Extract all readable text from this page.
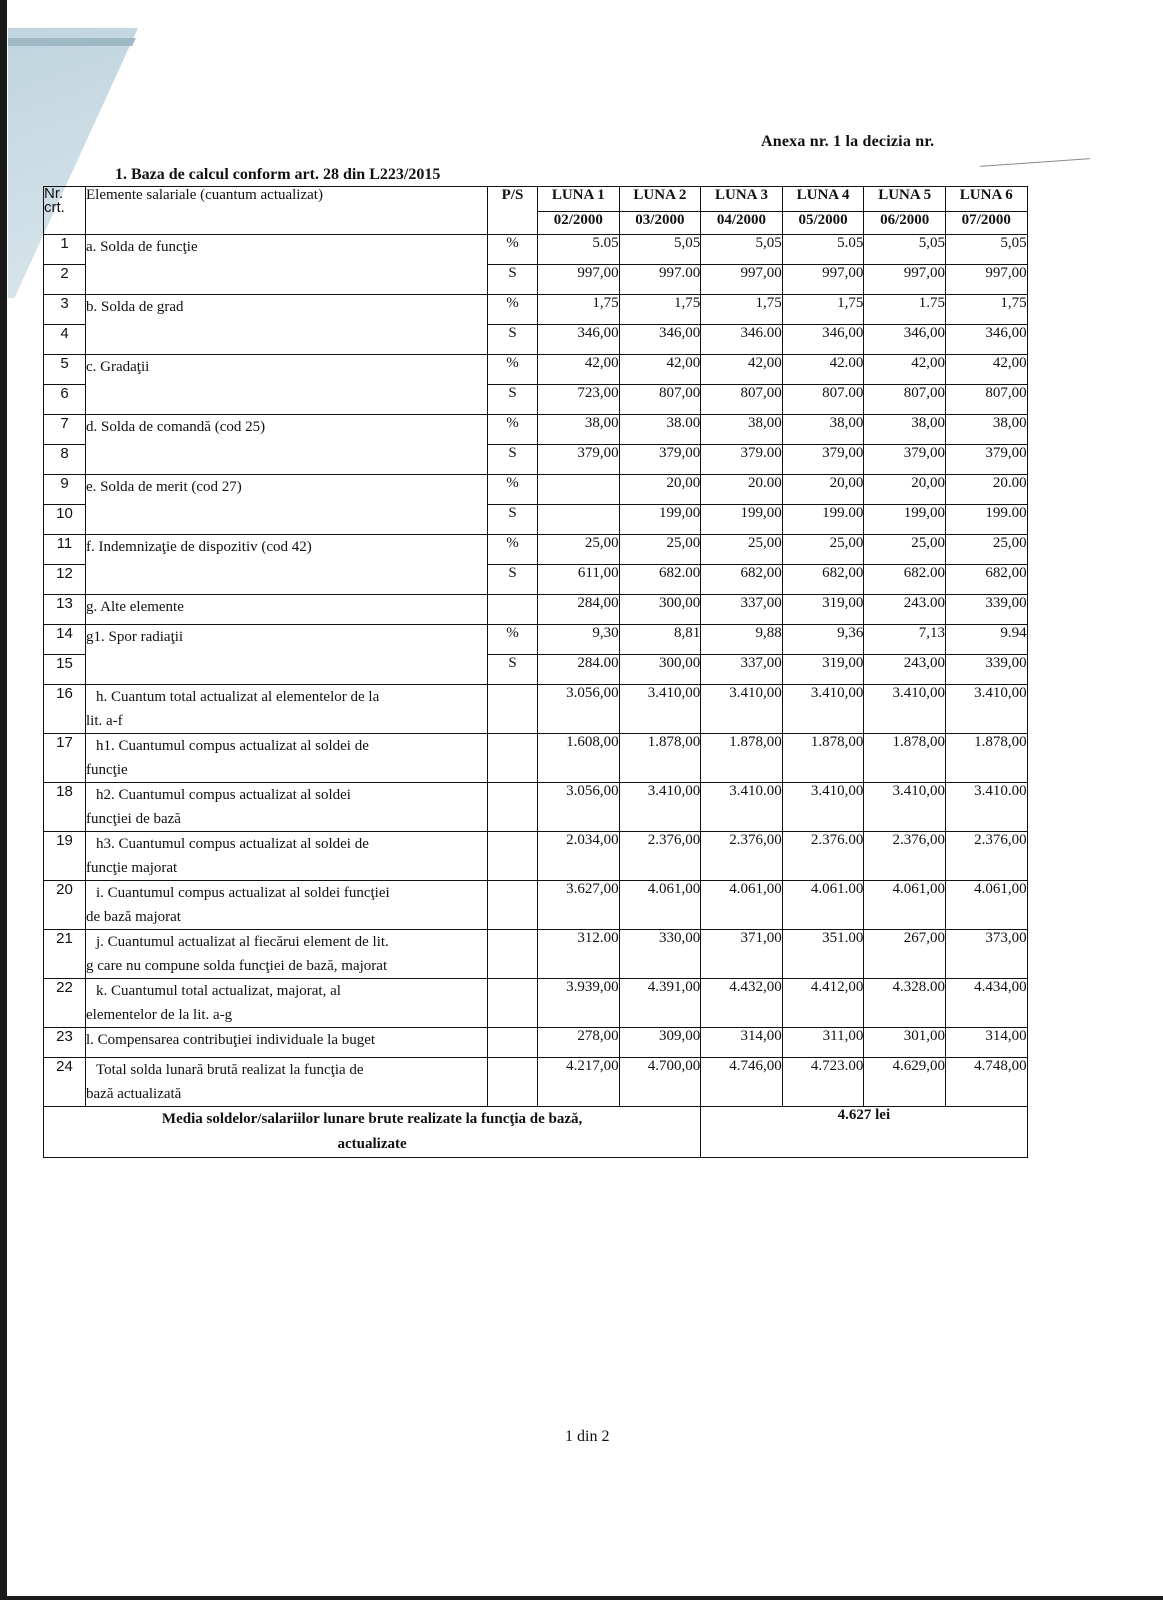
Anexa nr. 1 la decizia nr.
1. Baza de calcul conform art. 28 din L223/2015
Nr. crt.	Elemente salariale (cuantum actualizat)	P/S	LUNA 1	LUNA 2	LUNA 3	LUNA 4	LUNA 5	LUNA 6
			02/2000	03/2000	04/2000	05/2000	06/2000	07/2000
1	a. Solda de funcţie	%	5.05	5,05	5,05	5.05	5,05	5,05
2		S	997,00	997.00	997,00	997,00	997,00	997,00
3	b. Solda de grad	%	1,75	1,75	1,75	1,75	1.75	1,75
4		S	346,00	346,00	346.00	346,00	346,00	346,00
5	c. Gradaţii	%	42,00	42,00	42,00	42.00	42,00	42,00
6		S	723,00	807,00	807,00	807.00	807,00	807,00
7	d. Solda de comandă (cod 25)	%	38,00	38.00	38,00	38,00	38,00	38,00
8		S	379,00	379,00	379.00	379,00	379,00	379,00
9	e. Solda de merit (cod 27)	%		20,00	20.00	20,00	20,00	20.00
10		S		199,00	199,00	199.00	199,00	199.00
11	f. Indemnizaţie de dispozitiv (cod 42)	%	25,00	25,00	25,00	25,00	25,00	25,00
12		S	611,00	682.00	682,00	682,00	682.00	682,00
13	g. Alte elemente		284,00	300,00	337,00	319,00	243.00	339,00
14	g1. Spor radiaţii	%	9,30	8,81	9,88	9,36	7,13	9.94
15		S	284.00	300,00	337,00	319,00	243,00	339,00
16	h. Cuantum total actualizat al elementelor de la
lit. a-f		3.056,00	3.410,00	3.410,00	3.410,00	3.410,00	3.410,00
17	h1. Cuantumul compus actualizat al soldei de
funcţie		1.608,00	1.878,00	1.878,00	1.878,00	1.878,00	1.878,00
18	h2. Cuantumul compus actualizat al soldei
funcţiei de bază		3.056,00	3.410,00	3.410.00	3.410,00	3.410,00	3.410.00
19	h3. Cuantumul compus actualizat al soldei de
funcţie majorat		2.034,00	2.376,00	2.376,00	2.376.00	2.376,00	2.376,00
20	i. Cuantumul compus actualizat al soldei funcţiei
de bază majorat		3.627,00	4.061,00	4.061,00	4.061.00	4.061,00	4.061,00
21	j. Cuantumul actualizat al fiecărui element de lit.
g care nu compune solda funcţiei de bază, majorat		312.00	330,00	371,00	351.00	267,00	373,00
22	k. Cuantumul total actualizat, majorat, al
elementelor de la lit. a-g		3.939,00	4.391,00	4.432,00	4.412,00	4.328.00	4.434,00
23	l. Compensarea contribuţiei individuale la buget		278,00	309,00	314,00	311,00	301,00	314,00
24	Total solda lunară brută realizat la funcţia de
bază actualizată		4.217,00	4.700,00	4.746,00	4.723.00	4.629,00	4.748,00

Media soldelor/salariilor lunare brute realizate la funcţia de bază,
actualizate					4.627 lei			
1 din 2
